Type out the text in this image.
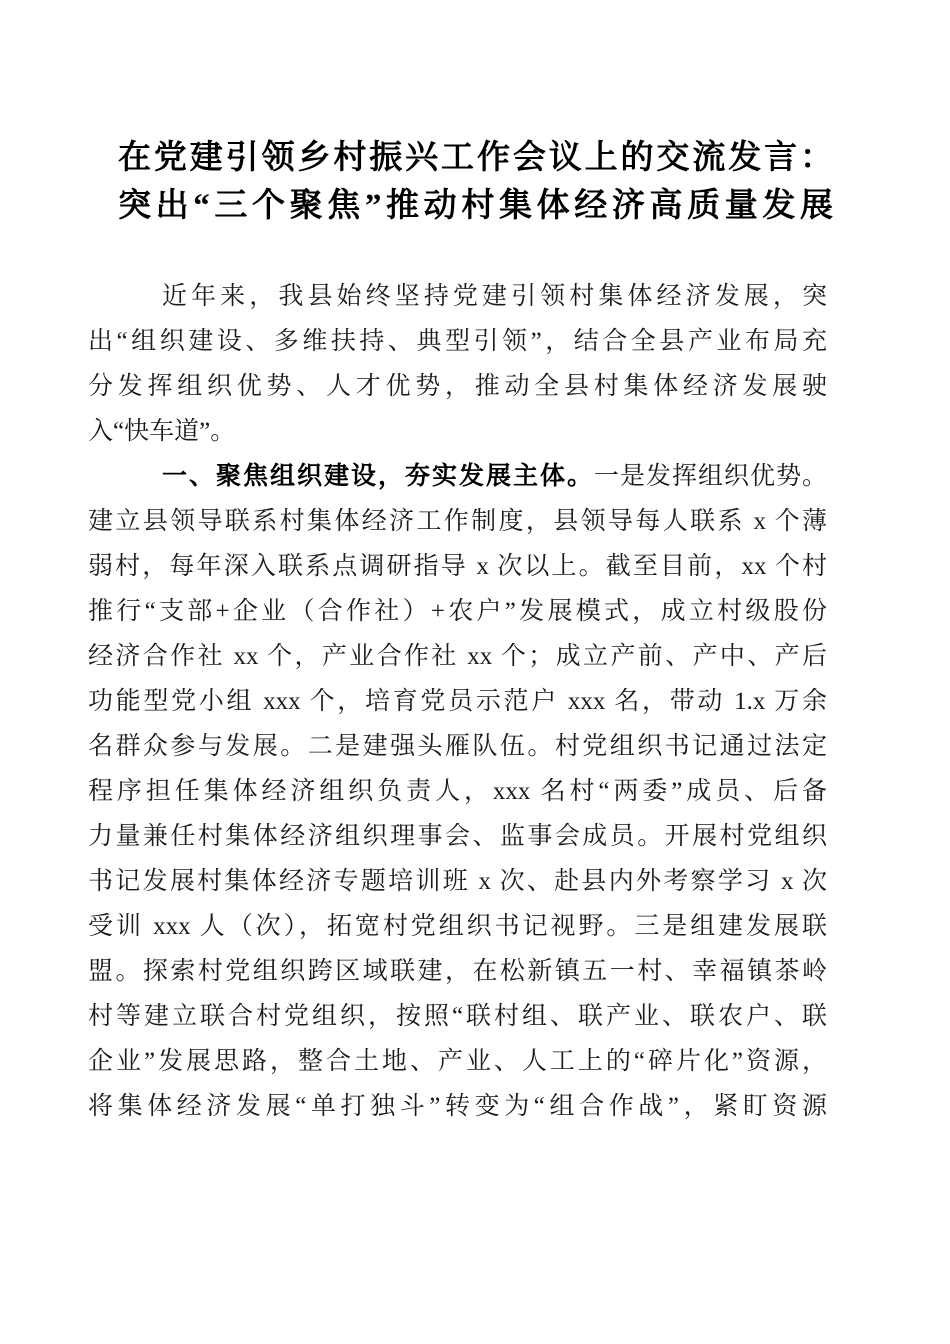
在党建引领乡村振兴工作会议上的交流发言：
突出“三个聚焦”推动村集体经济高质量发展
近年来，我县始终坚持党建引领村集体经济发展，突
出“组织建设、多维扶持、典型引领”，结合全县产业布局充
分发挥组织优势、人才优势，推动全县村集体经济发展驶
入“快车道”。
一、聚焦组织建设，夯实发展主体。一是发挥组织优势。
建立县领导联系村集体经济工作制度，县领导每人联系 x 个薄
弱村，每年深入联系点调研指导 x 次以上。截至目前，xx 个村
推行“支部+企业（合作社）+农户”发展模式，成立村级股份
经济合作社 xx 个，产业合作社 xx 个；成立产前、产中、产后
功能型党小组 xxx 个，培育党员示范户 xxx 名，带动 1.x 万余
名群众参与发展。二是建强头雁队伍。村党组织书记通过法定
程序担任集体经济组织负责人，xxx 名村“两委”成员、后备
力量兼任村集体经济组织理事会、监事会成员。开展村党组织
书记发展村集体经济专题培训班 x 次、赴县内外考察学习 x 次
受训 xxx 人（次），拓宽村党组织书记视野。三是组建发展联
盟。探索村党组织跨区域联建，在松新镇五一村、幸福镇茶岭
村等建立联合村党组织，按照“联村组、联产业、联农户、联
企业”发展思路，整合土地、产业、人工上的“碎片化”资源，
将集体经济发展“单打独斗”转变为“组合作战”，紧盯资源
